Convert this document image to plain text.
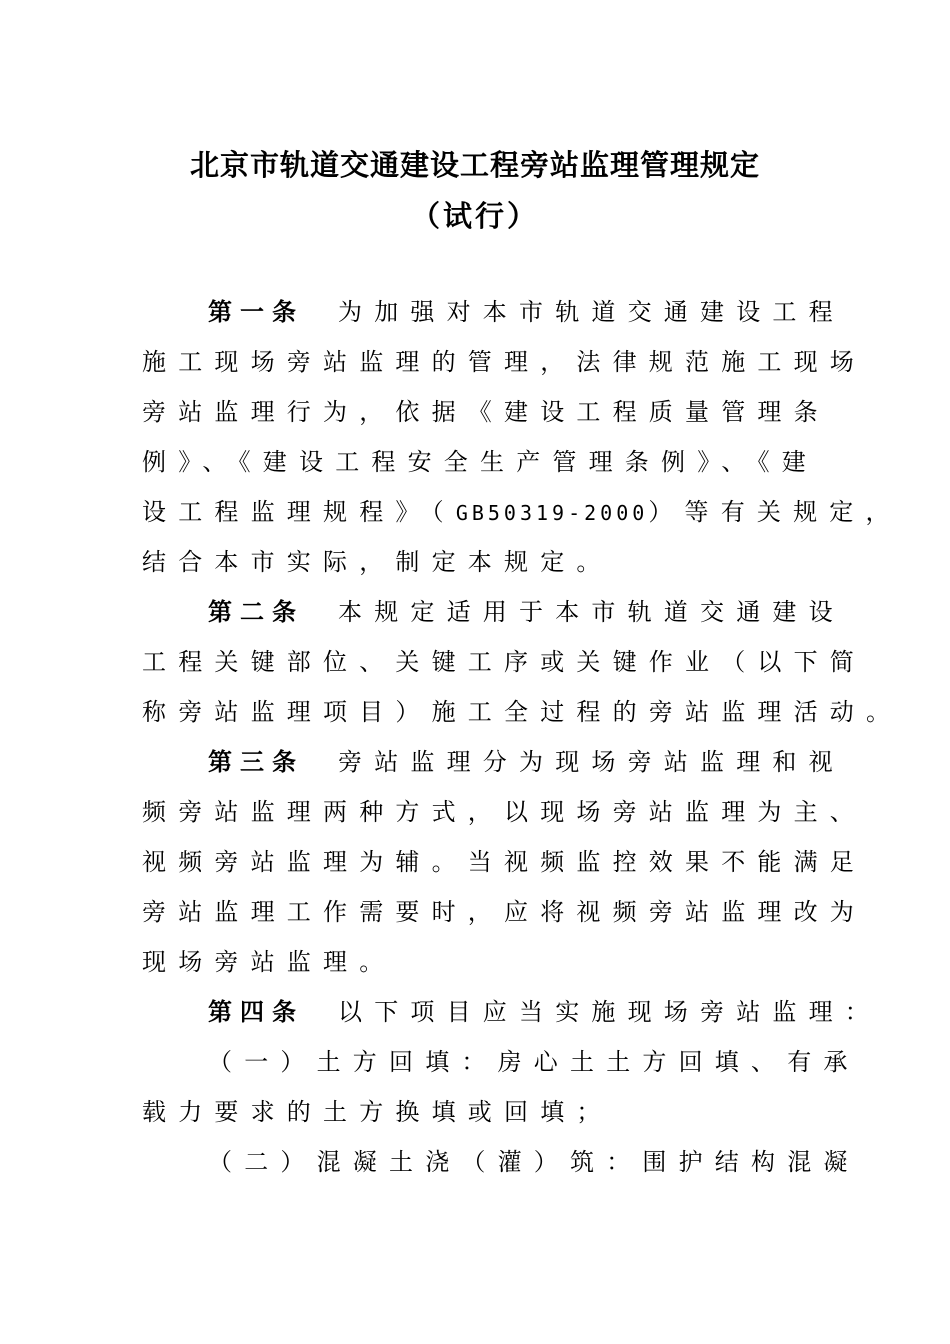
北京市轨道交通建设工程旁站监理管理规定
（试行）
第一条 为加强对本市轨道交通建设工程
施工现场旁站监理的管理，法律规范施工现场
旁站监理行为，依据《建设工程质量管理条
例》、《建设工程安全生产管理条例》、《建
设工程监理规程》（GB50319-2000）等有关规定，
结合本市实际，制定本规定。
第二条 本规定适用于本市轨道交通建设
工程关键部位、关键工序或关键作业（以下简
称旁站监理项目）施工全过程的旁站监理活动。
第三条 旁站监理分为现场旁站监理和视
频旁站监理两种方式，以现场旁站监理为主、
视频旁站监理为辅。当视频监控效果不能满足
旁站监理工作需要时，应将视频旁站监理改为
现场旁站监理。
第四条 以下项目应当实施现场旁站监理：
（一）土方回填：房心土土方回填、有承
载力要求的土方换填或回填；
（二）混凝土浇（灌）筑：围护结构混凝
